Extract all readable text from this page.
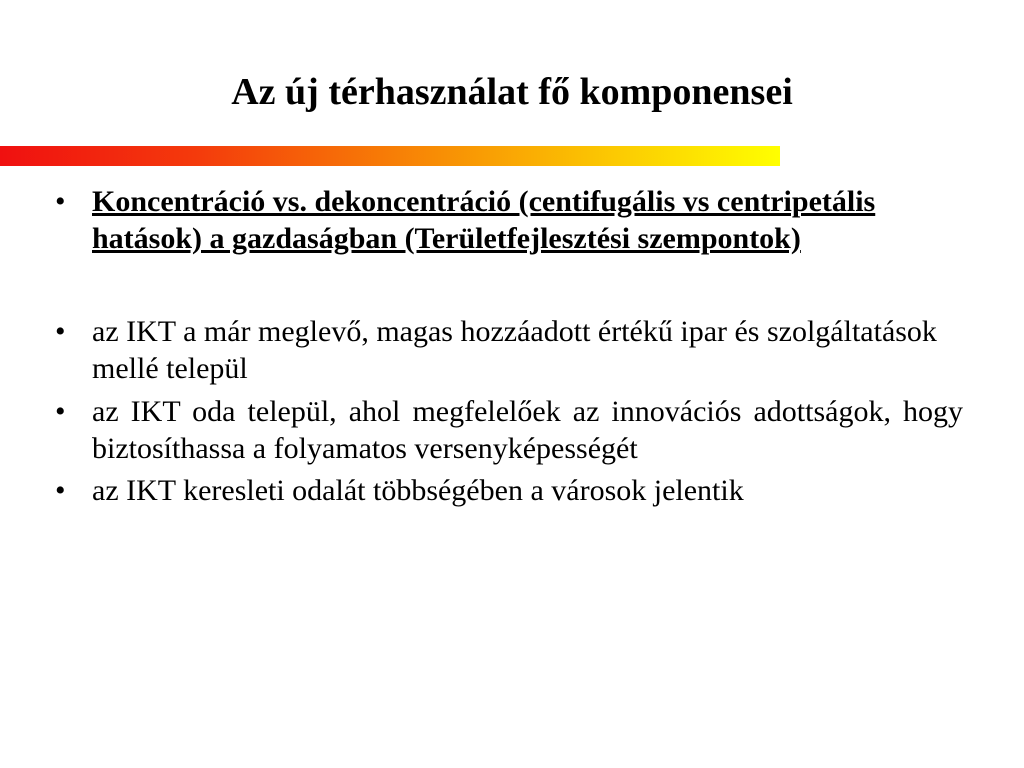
Az új térhasználat fő komponensei
• Koncentráció vs. dekoncentráció (centifugális vs centripetális hatások) a gazdaságban (Területfejlesztési szempontok)
• az IKT a már meglevő, magas hozzáadott értékű ipar és szolgáltatások mellé települ
• az IKT oda települ, ahol megfelelőek az innovációs adottságok, hogy biztosíthassa a folyamatos versenyképességét
• az IKT keresleti odalát többségében a városok jelentik
